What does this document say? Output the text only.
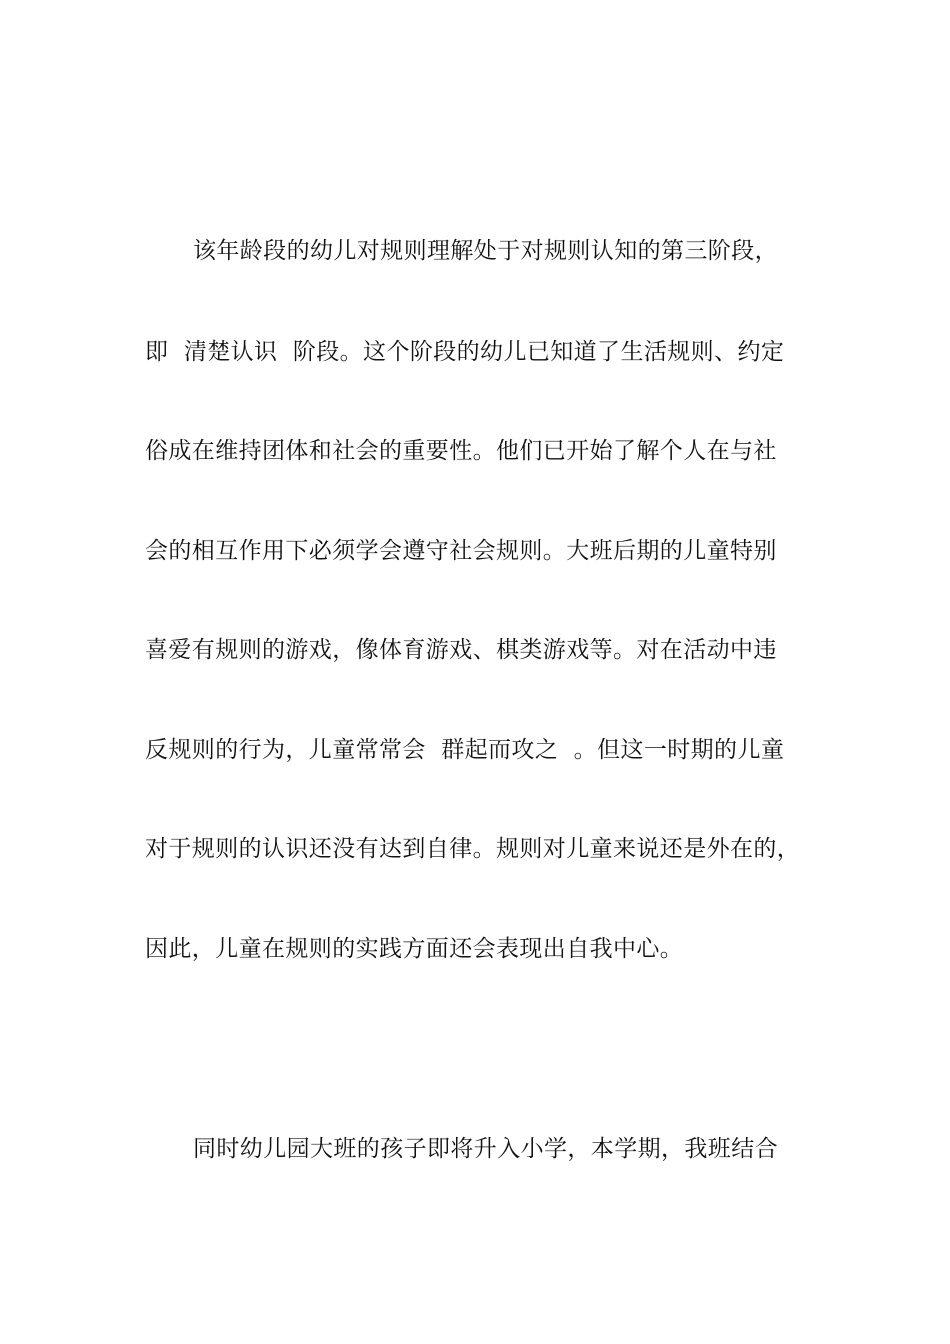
该年龄段的幼儿对规则理解处于对规则认知的第三阶段，
即  清楚认识  阶段。这个阶段的幼儿已知道了生活规则、约定
俗成在维持团体和社会的重要性。他们已开始了解个人在与社
会的相互作用下必须学会遵守社会规则。大班后期的儿童特别
喜爱有规则的游戏，像体育游戏、棋类游戏等。对在活动中违
反规则的行为，儿童常常会  群起而攻之  。但这一时期的儿童
对于规则的认识还没有达到自律。规则对儿童来说还是外在的，
因此，儿童在规则的实践方面还会表现出自我中心。
同时幼儿园大班的孩子即将升入小学，本学期，我班结合
